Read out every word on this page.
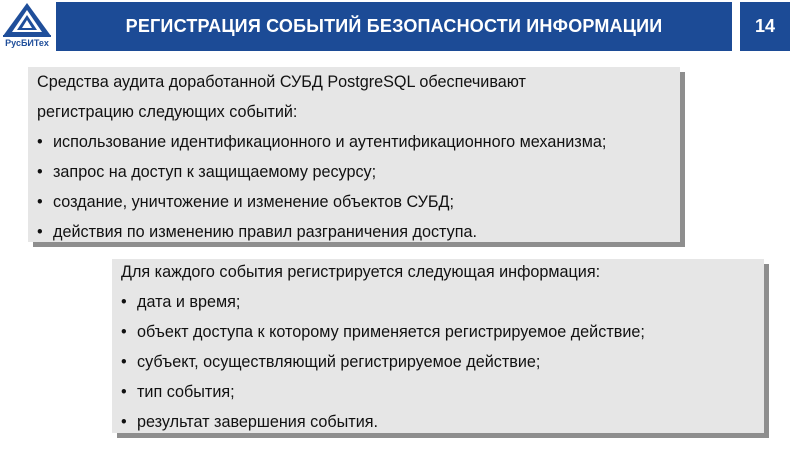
РусБИТех
РЕГИСТРАЦИЯ СОБЫТИЙ БЕЗОПАСНОСТИ ИНФОРМАЦИИ	14
Средства аудита доработанной СУБД PostgreSQL обеспечивают
регистрацию следующих событий:
• использование идентификационного и аутентификационного механизма;
• запрос на доступ к защищаемому ресурсу;
• создание, уничтожение и изменение объектов СУБД;
• действия по изменению правил разграничения доступа.
Для каждого события регистрируется следующая информация:
• дата и время;
• объект доступа к которому применяется регистрируемое действие;
• субъект, осуществляющий регистрируемое действие;
• тип события;
• результат завершения события.
